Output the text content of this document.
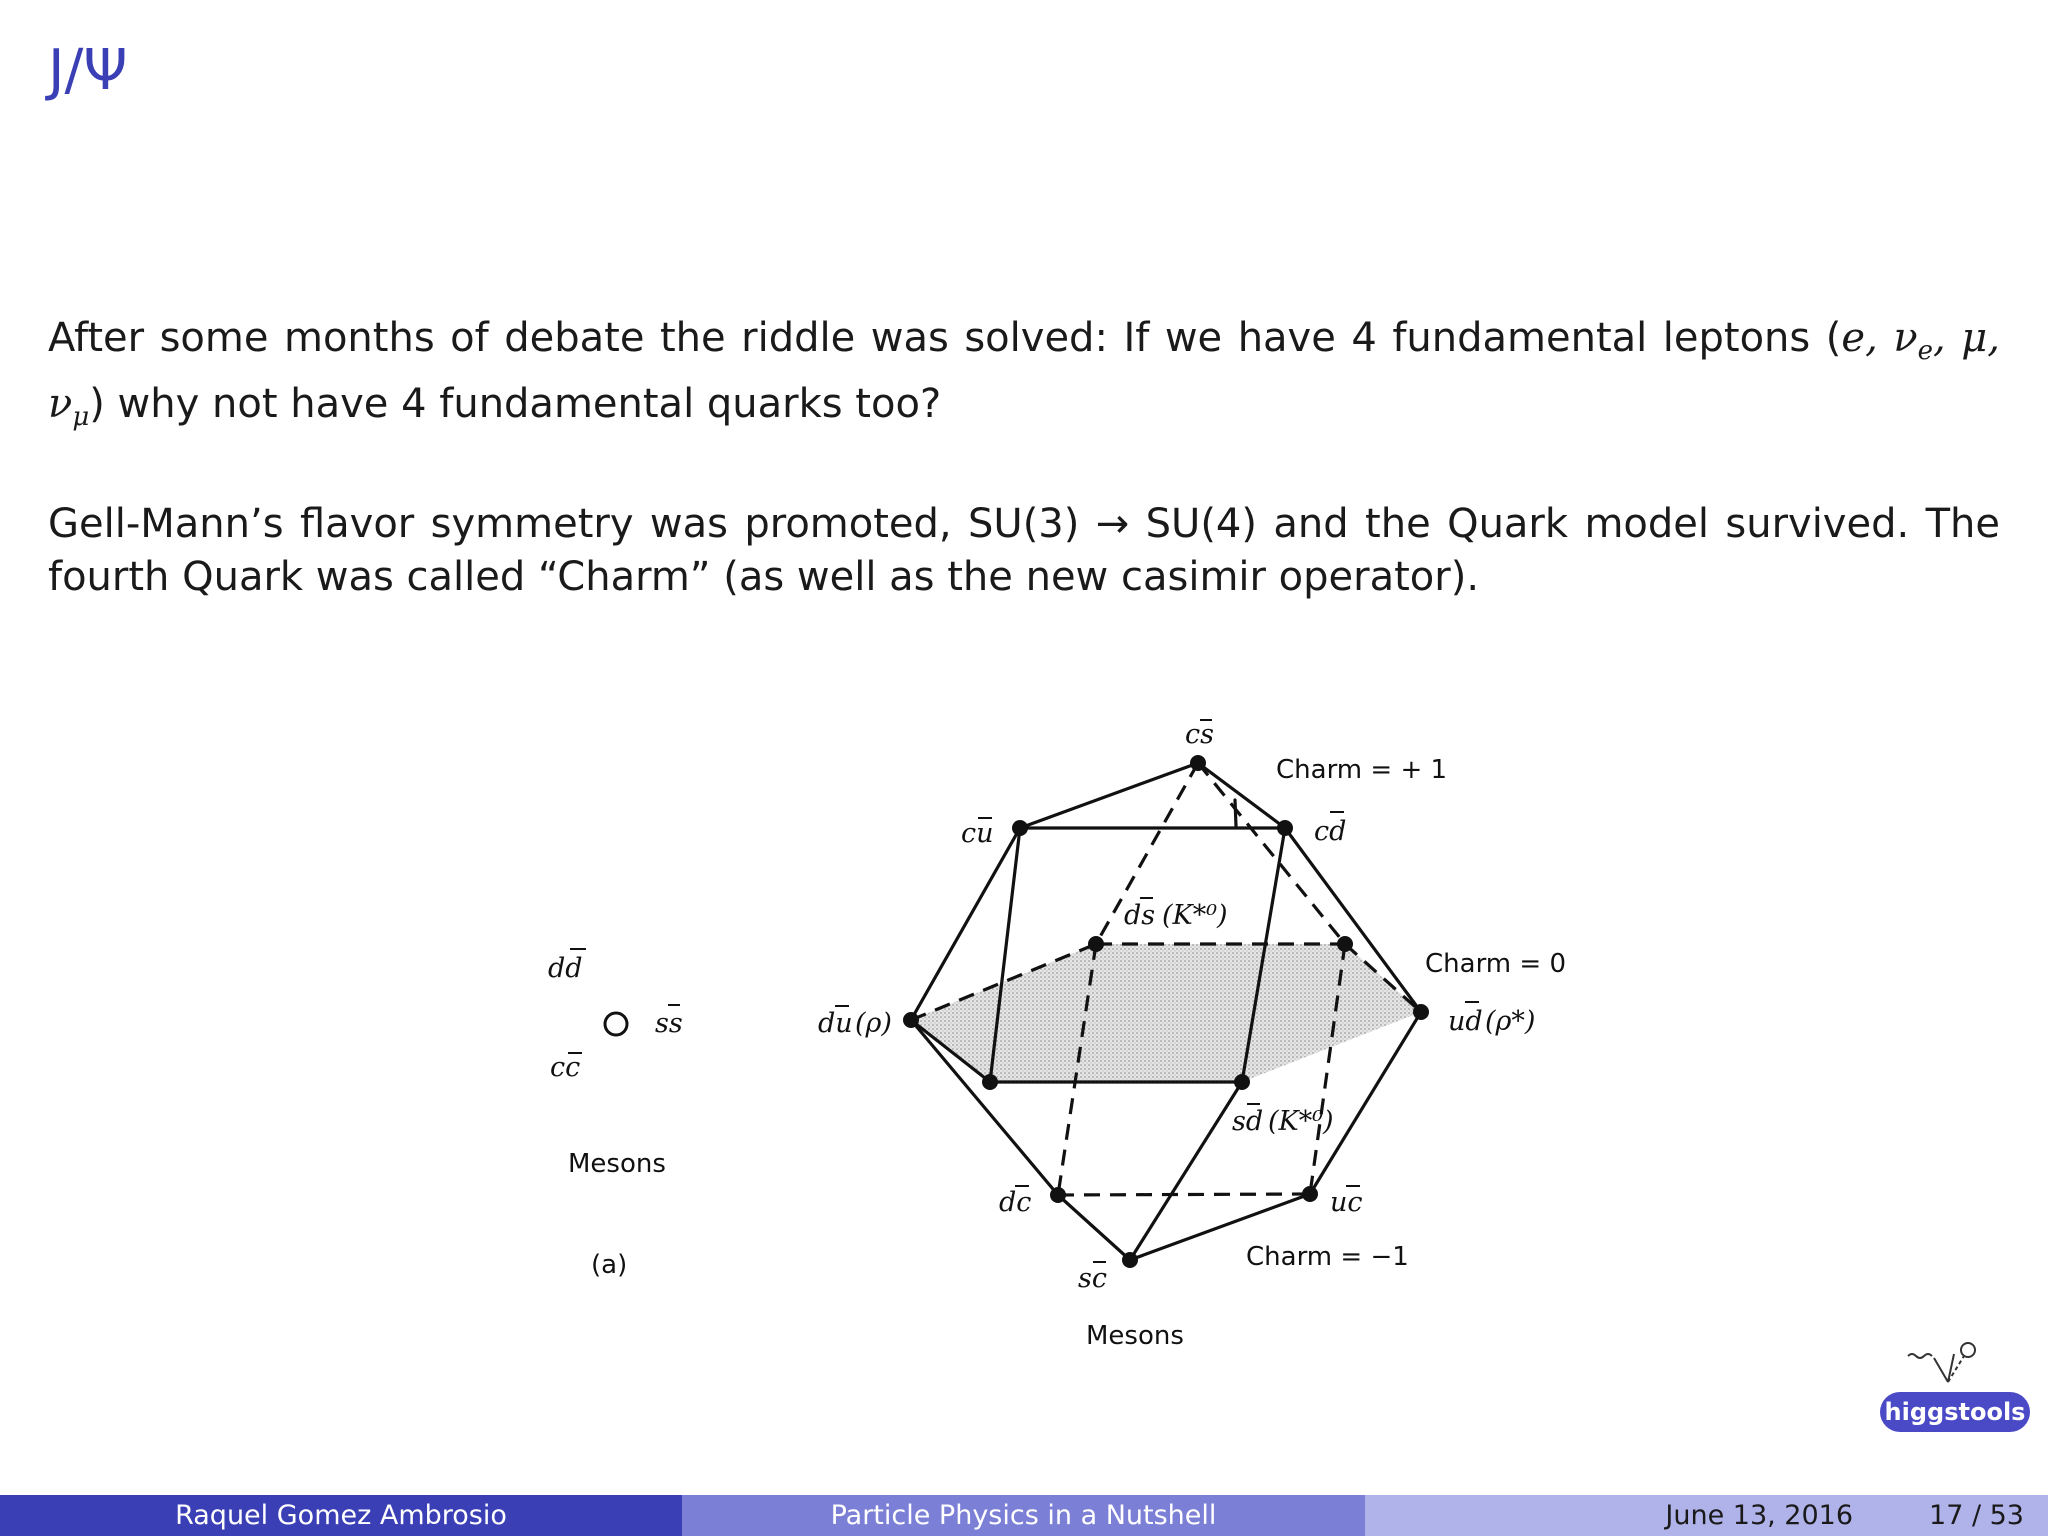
J/Ψ
After some months of debate the riddle was solved: If we have 4 fundamental leptons (e, $\nu_e$, μ, $\nu_\mu$) why not have 4 fundamental quarks too?
Gell-Mann’s flavor symmetry was promoted, SU(3) → SU(4) and the Quark model survived. The fourth Quark was called “Charm” (as well as the new casimir operator).
dd
ss
cc
Mesons
(a)
cs
cu	cd
ds (K*⁰)
du (ρ)	ud (ρ*)
sd (K*⁰)
dc	uc
sc
Charm = + 1
Charm = 0
Charm = −1
Mesons
higgstools
Raquel Gomez Ambrosio	Particle Physics in a Nutshell	June 13, 2016	17 / 53
